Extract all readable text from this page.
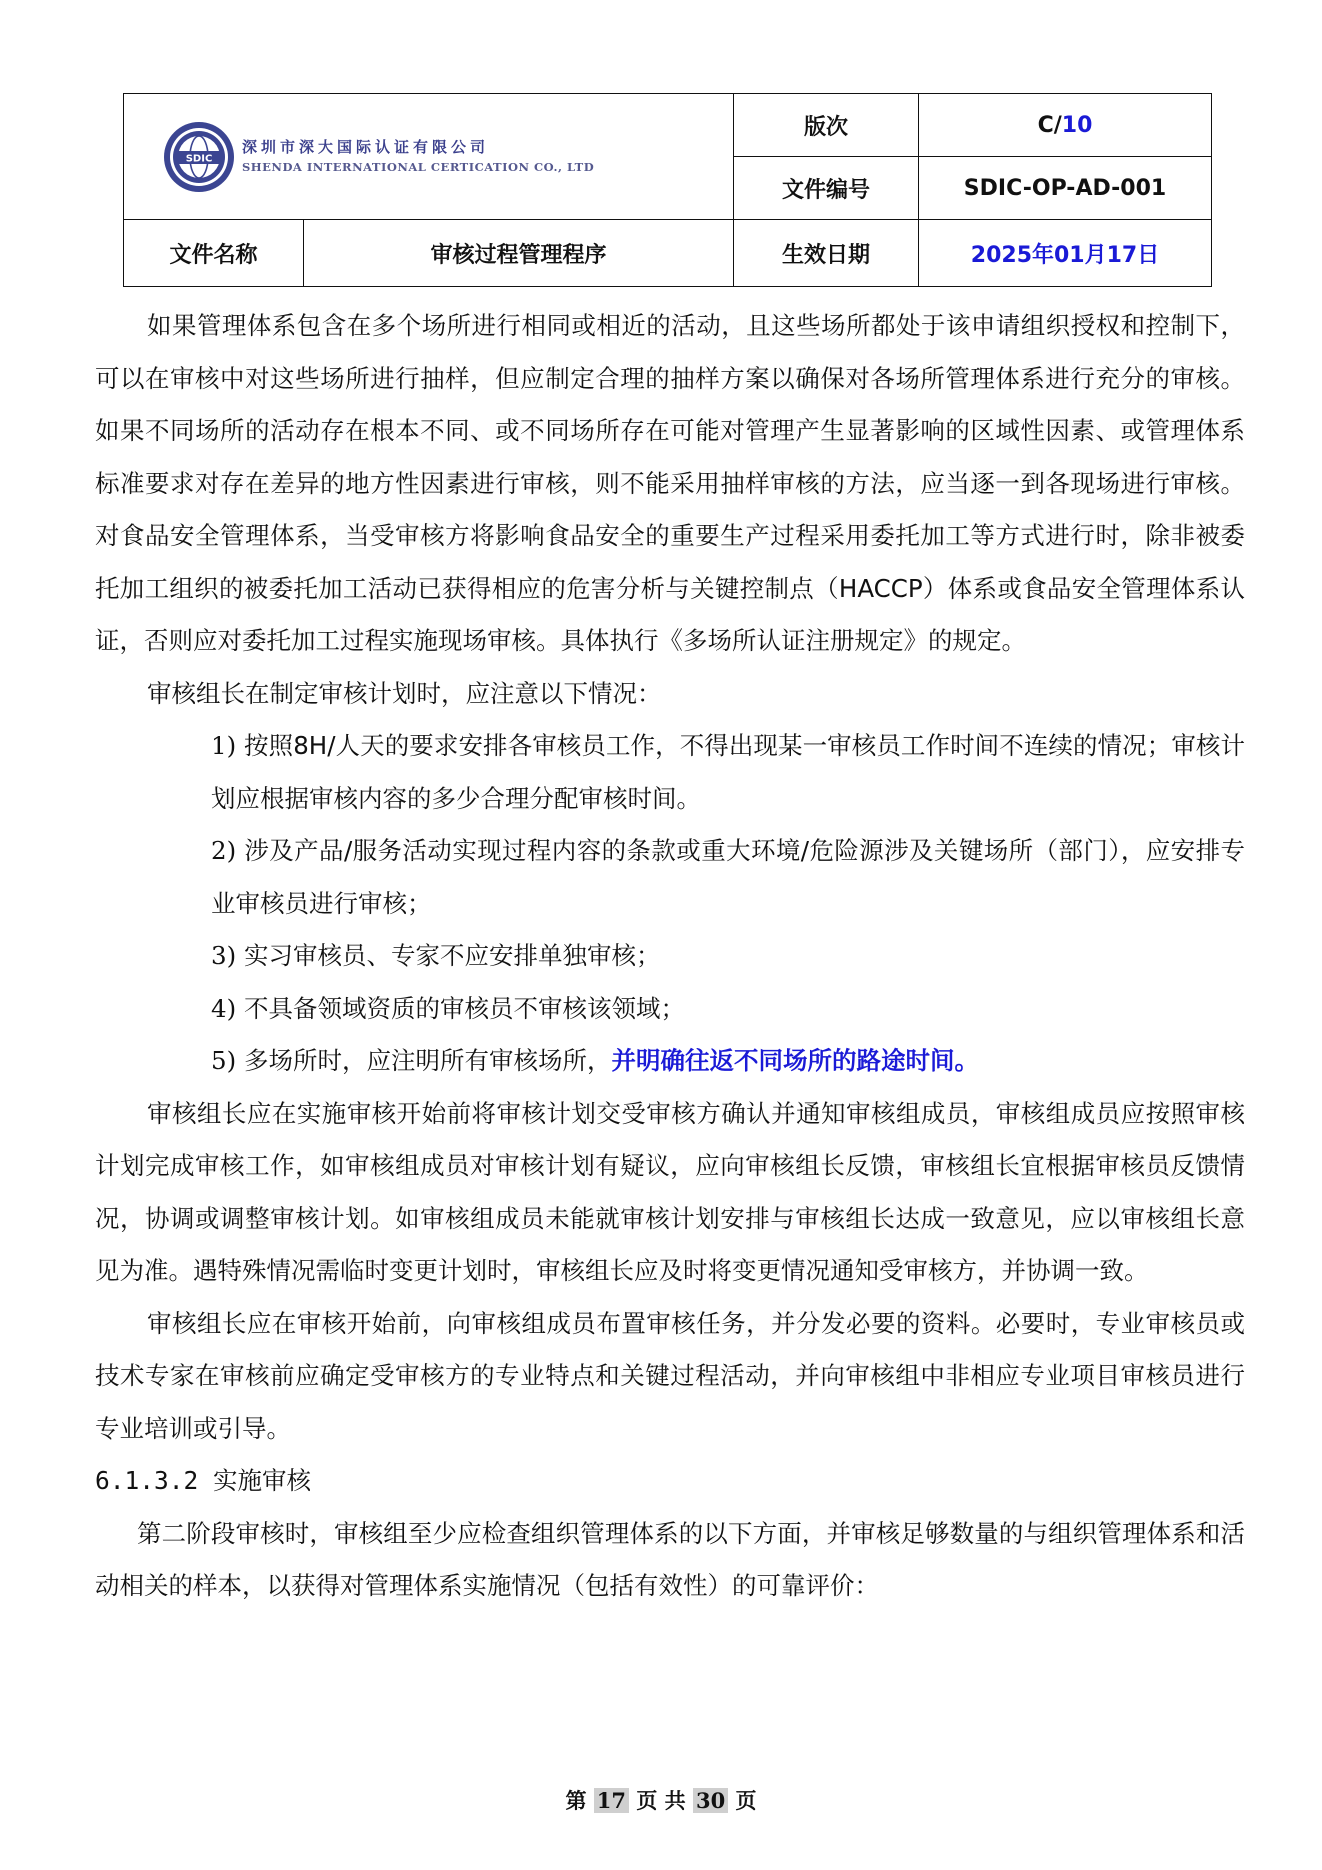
SDIC
深圳市深大国际认证有限公司
SHENDA INTERNATIONAL CERTICATION CO., LTD		版次	C/10
		文件编号	SDIC-OP-AD-001
文件名称	审核过程管理程序	生效日期	2025年01月17日

如果管理体系包含在多个场所进行相同或相近的活动，且这些场所都处于该申请组织授权和控制下，可以在审核中对这些场所进行抽样，但应制定合理的抽样方案以确保对各场所管理体系进行充分的审核。如果不同场所的活动存在根本不同、或不同场所存在可能对管理产生显著影响的区域性因素、或管理体系标准要求对存在差异的地方性因素进行审核，则不能采用抽样审核的方法，应当逐一到各现场进行审核。对食品安全管理体系，当受审核方将影响食品安全的重要生产过程采用委托加工等方式进行时，除非被委托加工组织的被委托加工活动已获得相应的危害分析与关键控制点（HACCP）体系或食品安全管理体系认证，否则应对委托加工过程实施现场审核。具体执行《多场所认证注册规定》的规定。

审核组长在制定审核计划时，应注意以下情况：

1) 按照8H/人天的要求安排各审核员工作，不得出现某一审核员工作时间不连续的情况；审核计划应根据审核内容的多少合理分配审核时间。

2) 涉及产品/服务活动实现过程内容的条款或重大环境/危险源涉及关键场所（部门），应安排专业审核员进行审核；

3) 实习审核员、专家不应安排单独审核；

4) 不具备领域资质的审核员不审核该领域；

5) 多场所时，应注明所有审核场所，并明确往返不同场所的路途时间。

审核组长应在实施审核开始前将审核计划交受审核方确认并通知审核组成员，审核组成员应按照审核计划完成审核工作，如审核组成员对审核计划有疑议，应向审核组长反馈，审核组长宜根据审核员反馈情况，协调或调整审核计划。如审核组成员未能就审核计划安排与审核组长达成一致意见，应以审核组长意见为准。遇特殊情况需临时变更计划时，审核组长应及时将变更情况通知受审核方，并协调一致。

审核组长应在审核开始前，向审核组成员布置审核任务，并分发必要的资料。必要时，专业审核员或技术专家在审核前应确定受审核方的专业特点和关键过程活动，并向审核组中非相应专业项目审核员进行专业培训或引导。

6.1.3.2 实施审核

第二阶段审核时，审核组至少应检查组织管理体系的以下方面，并审核足够数量的与组织管理体系和活动相关的样本，以获得对管理体系实施情况（包括有效性）的可靠评价：

第 17 页 共 30 页
